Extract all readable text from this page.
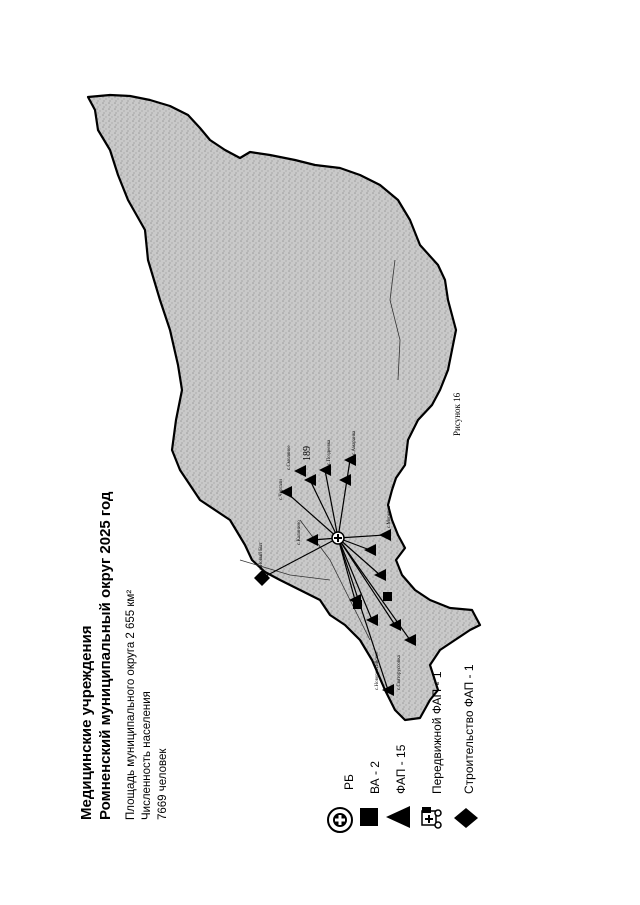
с.Новый Быт
с.Чергали
с.Смоляное
с.Калинино
с.Поздеевка	с.Амаранка
с.Моревка
с.Новороссийское	с.Святоруссовка
189
Медицинские учреждения Ромненский муниципальный округ 2025 год Площадь муниципального округа 2 655 км² Численность населения 7669 человек	РБ ВА - 2 ФАП - 15 Передвижной ФАП - 1 Строительство ФАП - 1
Рисунок 16
